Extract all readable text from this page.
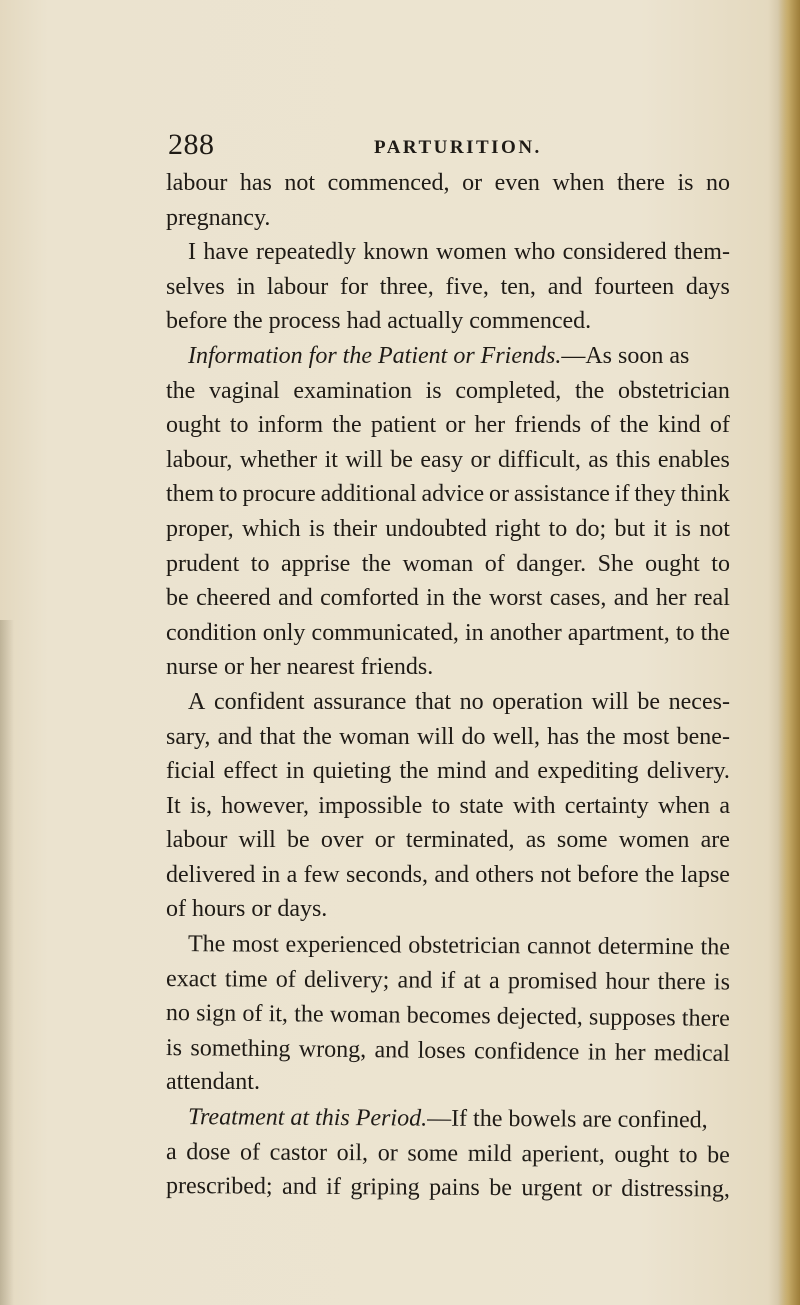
288	PARTURITION.
labour has not commenced, or even when there is no
pregnancy.
I have repeatedly known women who considered them-
selves in labour for three, five, ten, and fourteen days
before the process had actually commenced.
Information for the Patient or Friends.—As soon as
the vaginal examination is completed, the obstetrician
ought to inform the patient or her friends of the kind of
labour, whether it will be easy or difficult, as this enables
them to procure additional advice or assistance if they think
proper, which is their undoubted right to do; but it is not
prudent to apprise the woman of danger. She ought to
be cheered and comforted in the worst cases, and her real
condition only communicated, in another apartment, to the
nurse or her nearest friends.
A confident assurance that no operation will be neces-
sary, and that the woman will do well, has the most bene-
ficial effect in quieting the mind and expediting delivery.
It is, however, impossible to state with certainty when a
labour will be over or terminated, as some women are
delivered in a few seconds, and others not before the lapse
of hours or days.
The most experienced obstetrician cannot determine the
exact time of delivery; and if at a promised hour there is
no sign of it, the woman becomes dejected, supposes there
is something wrong, and loses confidence in her medical
attendant.
Treatment at this Period.—If the bowels are confined,
a dose of castor oil, or some mild aperient, ought to be
prescribed; and if griping pains be urgent or distressing,
